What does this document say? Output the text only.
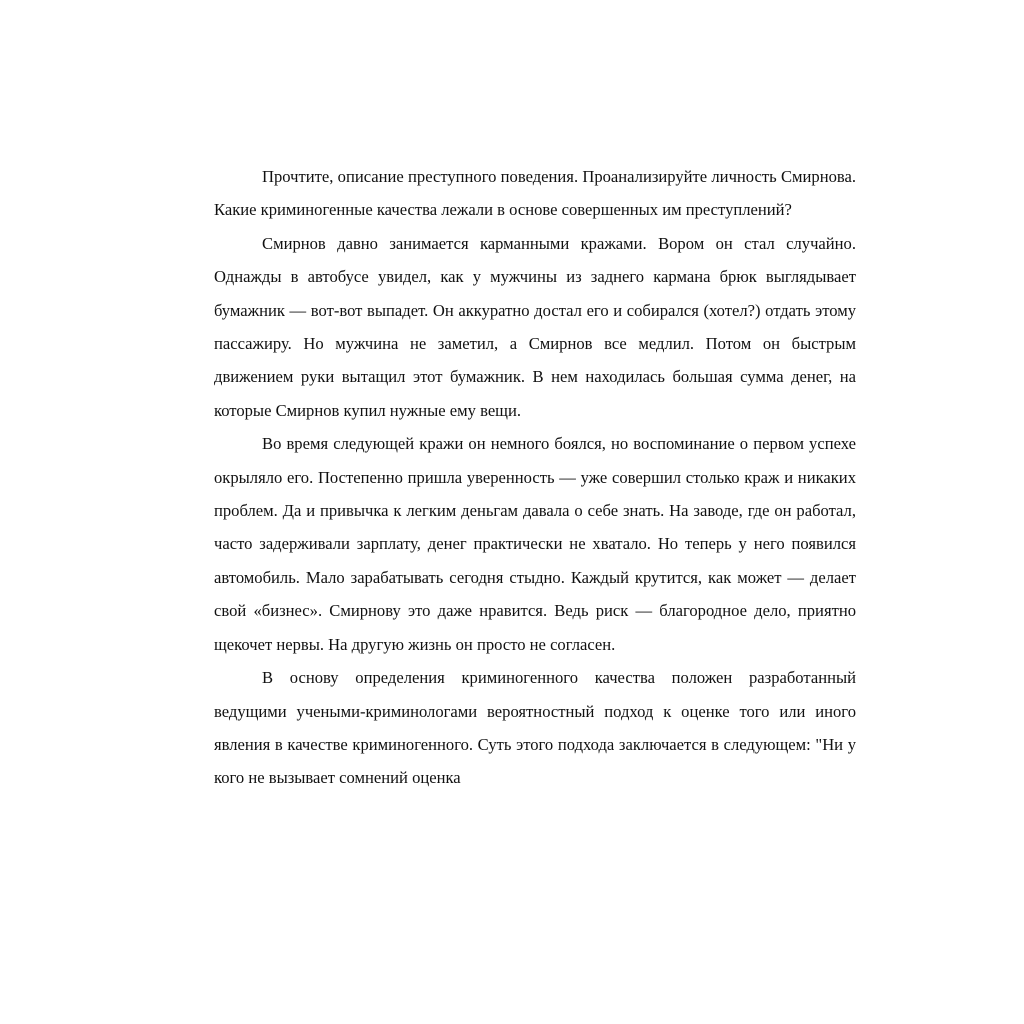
Прочтите, описание преступного поведения. Проанализируйте личность Смирнова. Какие криминогенные качества лежали в основе совершенных им преступлений?

Смирнов давно занимается карманными кражами. Вором он стал случайно. Однажды в автобусе увидел, как у мужчины из заднего кармана брюк выглядывает бумажник — вот-вот выпадет. Он аккуратно достал его и собирался (хотел?) отдать этому пассажиру. Но мужчина не заметил, а Смирнов все медлил. Потом он быстрым движением руки вытащил этот бумажник. В нем находилась большая сумма денег, на которые Смирнов купил нужные ему вещи.

Во время следующей кражи он немного боялся, но воспоминание о первом успехе окрыляло его. Постепенно пришла уверенность — уже совершил столько краж и никаких проблем. Да и привычка к легким деньгам давала о себе знать. На заводе, где он работал, часто задерживали зарплату, денег практически не хватало. Но теперь у него появился автомобиль. Мало зарабатывать сегодня стыдно. Каждый крутится, как может — делает свой «бизнес». Смирнову это даже нравится. Ведь риск — благородное дело, приятно щекочет нервы. На другую жизнь он просто не согласен.

В основу определения криминогенного качества положен разработанный ведущими учеными-криминологами вероятностный подход к оценке того или иного явления в качестве криминогенного. Суть этого подхода заключается в следующем: "Ни у кого не вызывает сомнений оценка
